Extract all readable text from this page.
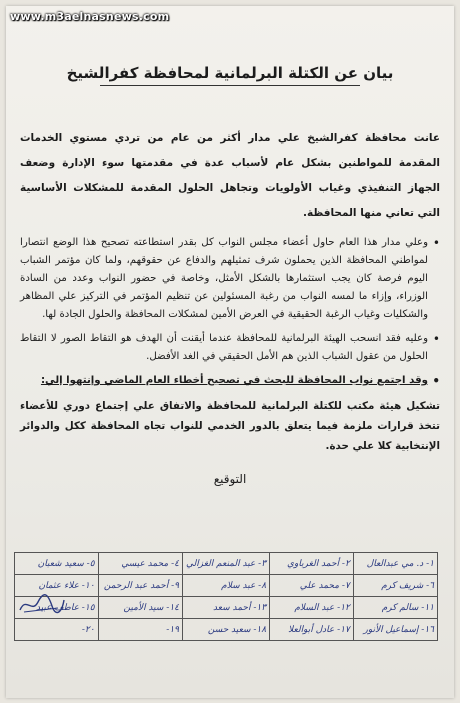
www.m3aelnasnews.com
بيان عن الكتلة البرلمانية لمحافظة كفرالشيخ

عانت محافظة كفرالشيخ علي مدار أكثر من عام من تردي مستوي الخدمات المقدمة للمواطنين بشكل عام لأسباب عدة في مقدمتها سوء الإدارة وضعف الجهاز التنفيذي وغياب الأولويات وتجاهل الحلول المقدمة للمشكلات الأساسية التي تعاني منها المحافظة.

• وعلي مدار هذا العام حاول أعضاء مجلس النواب كل بقدر استطاعته تصحيح هذا الوضع انتصارا لمواطني المحافظة الذين يحملون شرف تمثيلهم والدفاع عن حقوقهم، ولما كان مؤتمر الشباب اليوم فرصة كان يجب استثمارها بالشكل الأمثل، وخاصة في حضور النواب وعدد من السادة الوزراء، وإزاء ما لمسه النواب من رغبة المسئولين عن تنظيم المؤتمر في التركيز علي المظاهر والشكليات وغياب الرغبة الحقيقية في العرض الأمين لمشكلات المحافظة والحلول الجادة لها.
• وعليه فقد انسحب الهيئة البرلمانية للمحافظة عندما أيقنت أن الهدف هو التقاط الصور لا التقاط الحلول من عقول الشباب الذين هم الأمل الحقيقي في الغد الأفضل.
• وقد اجتمع نواب المحافظة للبحث في تصحيح أخطاء العام الماضي وإنتهوا إلي:

تشكيل هيئة مكتب للكتلة البرلمانية للمحافظة والاتفاق علي إجتماع دوري للأعضاء تتخذ قرارات ملزمة فيما يتعلق بالدور الخدمي للنواب تجاه المحافظة ككل والدوائر الإنتخابية كلا علي حدة.

التوقيع
١- د. مي عبدالعال	٢- أحمد الغرباوي	٣- عبد المنعم الغزالي	٤- محمد عيسي	٥- سعيد شعبان
٦- شريف كرم	٧- محمد علي	٨- عبد سلام	٩- أحمد عبد الرحمن	١٠- علاء عثمان
١١- سالم كرم	١٢- عبد السلام	١٣- أحمد سعد	١٤- سيد الأمين	١٥- عاطف عبيد
١٦- إسماعيل الأنور	١٧- عادل أبوالعلا	١٨- سعيد حسن	١٩-	٢٠-
